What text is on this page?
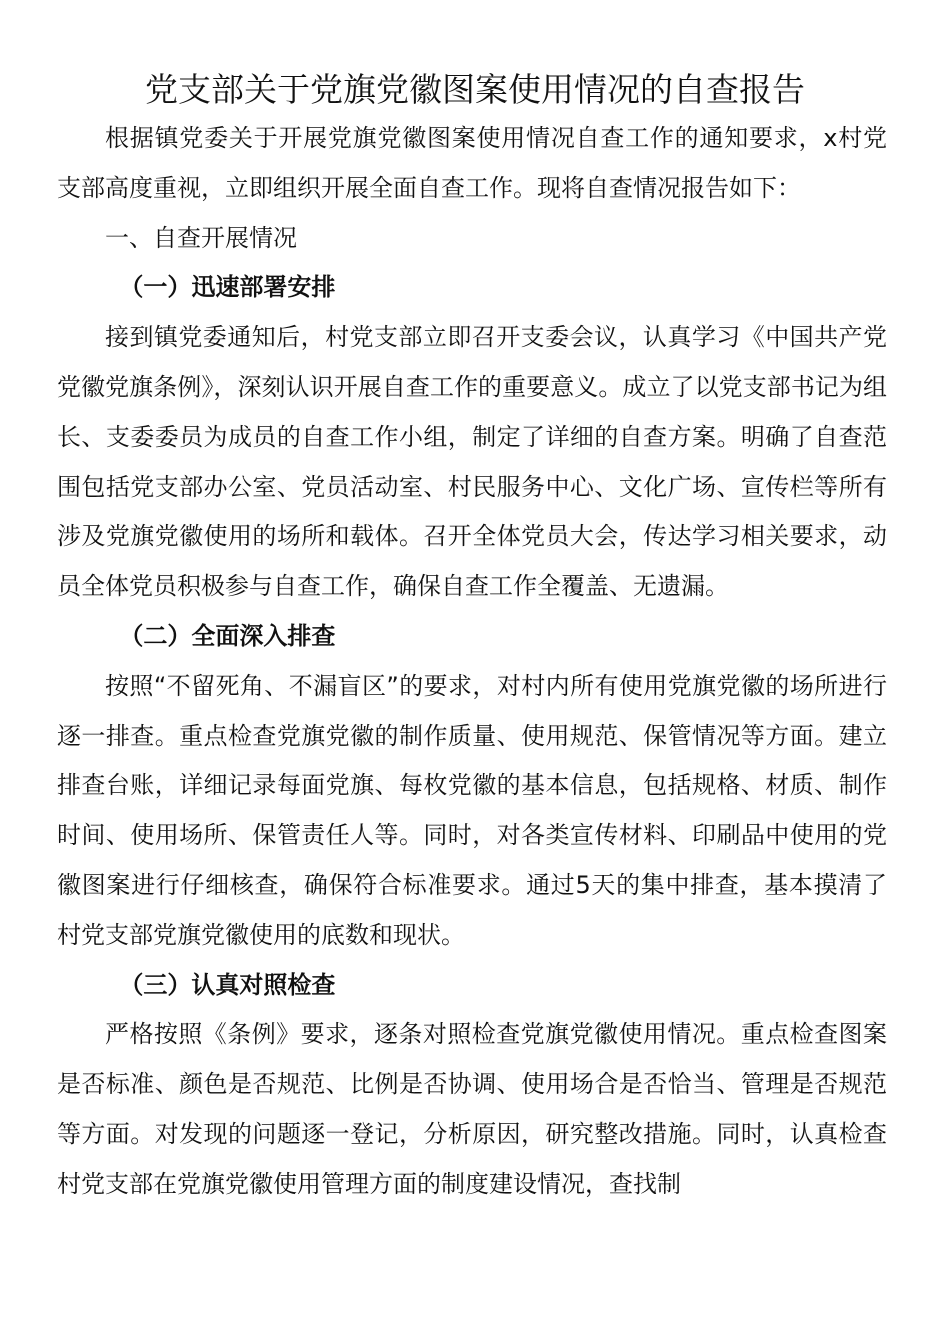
党支部关于党旗党徽图案使用情况的自查报告

根据镇党委关于开展党旗党徽图案使用情况自查工作的通知要求，x村党支部高度重视，立即组织开展全面自查工作。现将自查情况报告如下：

一、自查开展情况

（一）迅速部署安排

接到镇党委通知后，村党支部立即召开支委会议，认真学习《中国共产党党徽党旗条例》，深刻认识开展自查工作的重要意义。成立了以党支部书记为组长、支委委员为成员的自查工作小组，制定了详细的自查方案。明确了自查范围包括党支部办公室、党员活动室、村民服务中心、文化广场、宣传栏等所有涉及党旗党徽使用的场所和载体。召开全体党员大会，传达学习相关要求，动员全体党员积极参与自查工作，确保自查工作全覆盖、无遗漏。

（二）全面深入排查

按照“不留死角、不漏盲区”的要求，对村内所有使用党旗党徽的场所进行逐一排查。重点检查党旗党徽的制作质量、使用规范、保管情况等方面。建立排查台账，详细记录每面党旗、每枚党徽的基本信息，包括规格、材质、制作时间、使用场所、保管责任人等。同时，对各类宣传材料、印刷品中使用的党徽图案进行仔细核查，确保符合标准要求。通过5天的集中排查，基本摸清了村党支部党旗党徽使用的底数和现状。

（三）认真对照检查

严格按照《条例》要求，逐条对照检查党旗党徽使用情况。重点检查图案是否标准、颜色是否规范、比例是否协调、使用场合是否恰当、管理是否规范等方面。对发现的问题逐一登记，分析原因，研究整改措施。同时，认真检查村党支部在党旗党徽使用管理方面的制度建设情况，查找制
